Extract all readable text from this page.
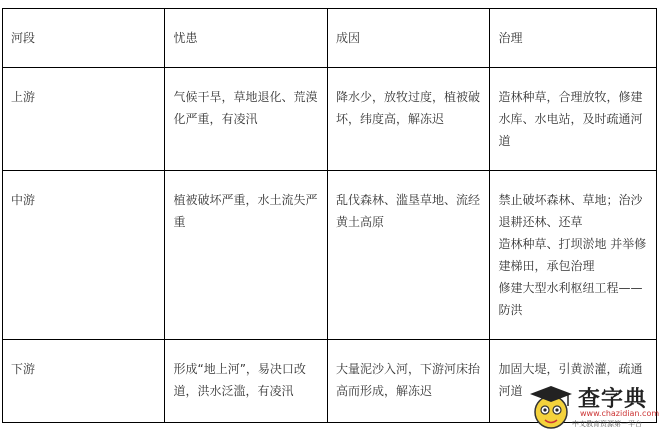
河段	忧患	成因	治理
上游	气候干旱，草地退化、荒漠化严重，有凌汛	降水少，放牧过度，植被破坏，纬度高，解冻迟	造林种草，合理放牧，修建水库、水电站，及时疏通河道

中游	植被破坏严重，水土流失严重	乱伐森林、滥垦草地、流经黄土高原	禁止破坏森林、草地；治沙退耕还林、还草
造林种草、打坝淤地 并举修建梯田，承包治理
修建大型水利枢纽工程——防洪

下游	形成“地上河”，易决口改道，洪水泛滥，有凌汛	大量泥沙入河，下游河床抬高而形成，解冻迟	加固大堤，引黄淤灌，疏通河道	查字典
www.chazidian.com
中文教育资源第一平台
